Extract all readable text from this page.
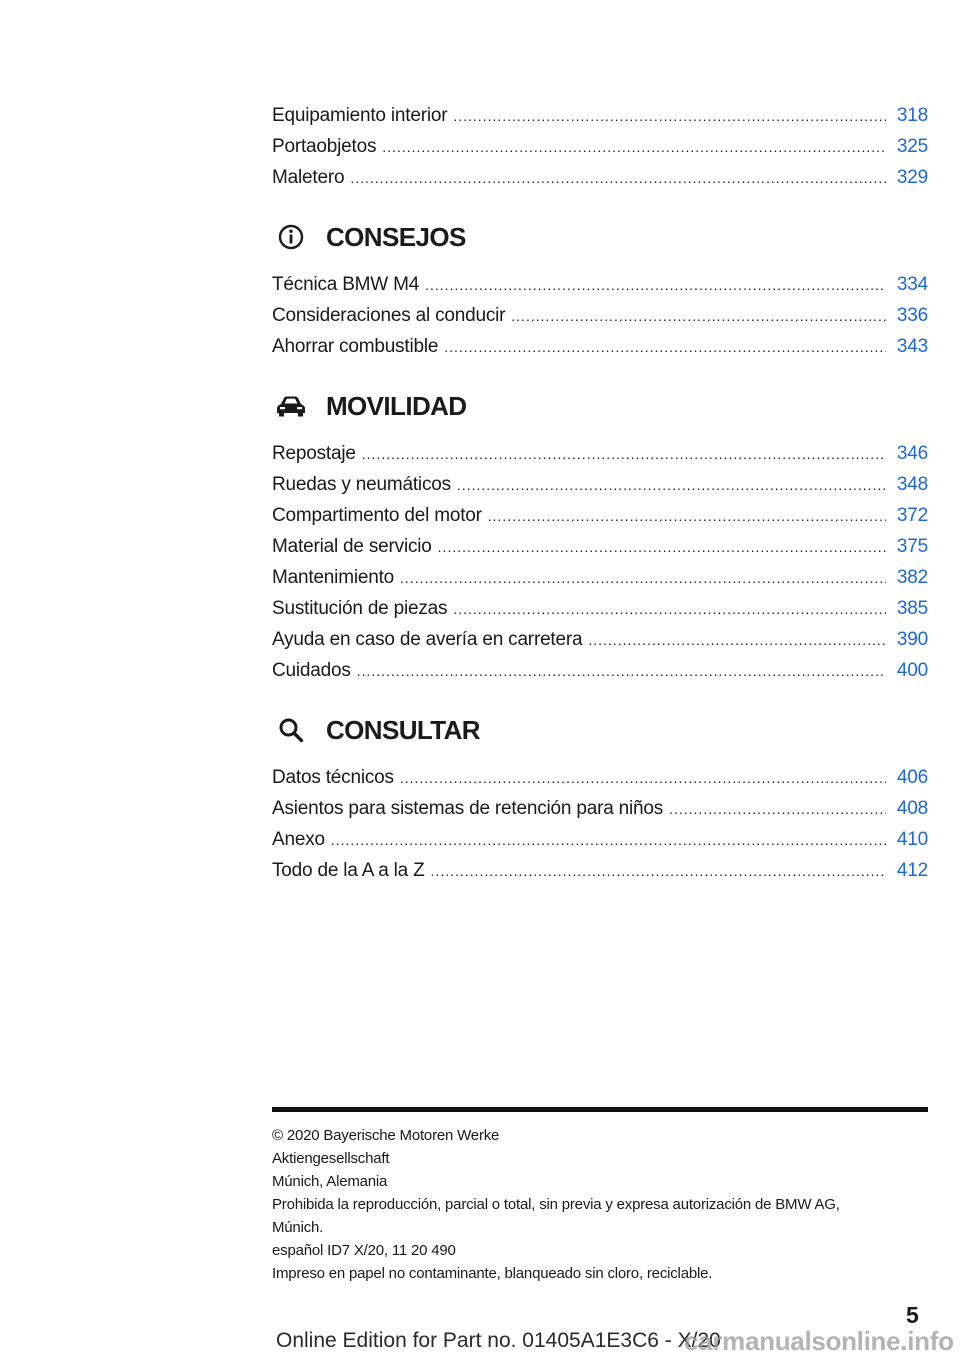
Equipamiento interior .....	318
Portaobjetos .....	325
Maletero .....	329
CONSEJOS
Técnica BMW M4 .....	334
Consideraciones al conducir .....	336
Ahorrar combustible .....	343
MOVILIDAD
Repostaje .....	346
Ruedas y neumáticos .....	348
Compartimento del motor .....	372
Material de servicio .....	375
Mantenimiento .....	382
Sustitución de piezas .....	385
Ayuda en caso de avería en carretera .....	390
Cuidados .....	400
CONSULTAR
Datos técnicos .....	406
Asientos para sistemas de retención para niños .....	408
Anexo .....	410
Todo de la A a la Z .....	412
© 2020 Bayerische Motoren Werke
Aktiengesellschaft
Múnich, Alemania
Prohibida la reproducción, parcial o total, sin previa y expresa autorización de BMW AG,
Múnich.
español ID7 X/20, 11 20 490
Impreso en papel no contaminante, blanqueado sin cloro, reciclable.
5
Online Edition for Part no. 01405A1E3C6 - X/20
carmanualsonline.info
